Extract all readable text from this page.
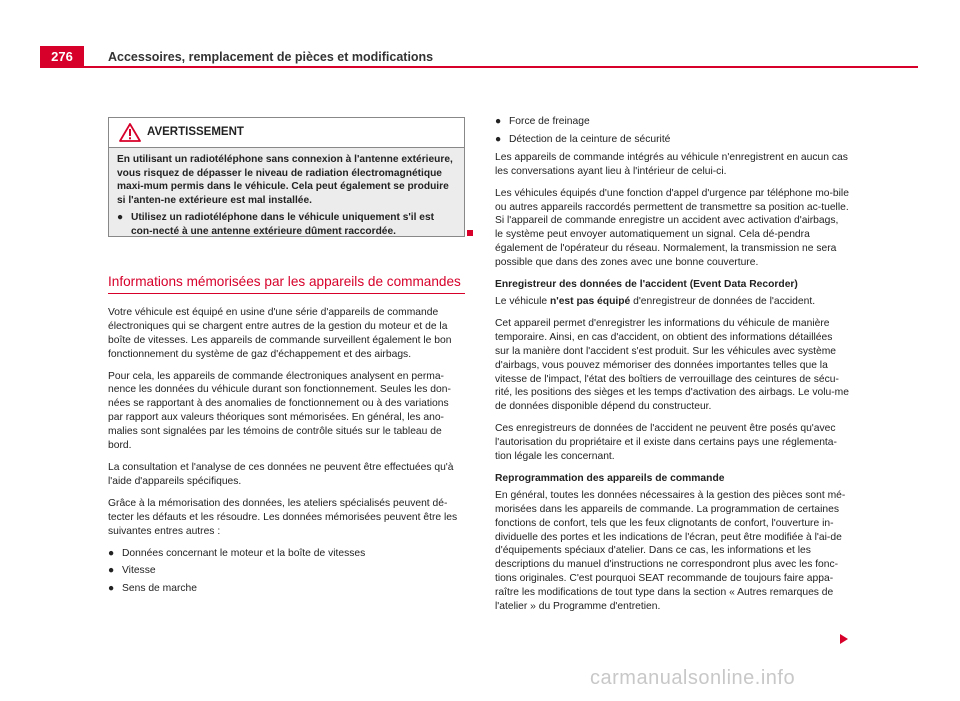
276	Accessoires, remplacement de pièces et modifications
AVERTISSEMENT

En utilisant un radiotéléphone sans connexion à l'antenne extérieure, vous risquez de dépasser le niveau de radiation électromagnétique maxi-mum permis dans le véhicule. Cela peut également se produire si l'anten-ne extérieure est mal installée.

● Utilisez un radiotéléphone dans le véhicule uniquement s'il est con-necté à une antenne extérieure dûment raccordée.
Informations mémorisées par les appareils de commandes

Votre véhicule est équipé en usine d'une série d'appareils de commande électroniques qui se chargent entre autres de la gestion du moteur et de la boîte de vitesses. Les appareils de commande surveillent également le bon fonctionnement du système de gaz d'échappement et des airbags.

Pour cela, les appareils de commande électroniques analysent en perma-nence les données du véhicule durant son fonctionnement. Seules les don-nées se rapportant à des anomalies de fonctionnement ou à des variations par rapport aux valeurs théoriques sont mémorisées. En général, les ano-malies sont signalées par les témoins de contrôle situés sur le tableau de bord.

La consultation et l'analyse de ces données ne peuvent être effectuées qu'à l'aide d'appareils spécifiques.

Grâce à la mémorisation des données, les ateliers spécialisés peuvent dé-tecter les défauts et les résoudre. Les données mémorisées peuvent être les suivantes entres autres :

● Données concernant le moteur et la boîte de vitesses
● Vitesse
● Sens de marche
● Force de freinage
● Détection de la ceinture de sécurité

Les appareils de commande intégrés au véhicule n'enregistrent en aucun cas les conversations ayant lieu à l'intérieur de celui-ci.

Les véhicules équipés d'une fonction d'appel d'urgence par téléphone mo-bile ou autres appareils raccordés permettent de transmettre sa position ac-tuelle. Si l'appareil de commande enregistre un accident avec activation d'airbags, le système peut envoyer automatiquement un signal. Cela dé-pendra également de l'opérateur du réseau. Normalement, la transmission ne sera possible que dans des zones avec une bonne couverture.

Enregistreur des données de l'accident (Event Data Recorder)

Le véhicule n'est pas équipé d'enregistreur de données de l'accident.

Cet appareil permet d'enregistrer les informations du véhicule de manière temporaire. Ainsi, en cas d'accident, on obtient des informations détaillées sur la manière dont l'accident s'est produit. Sur les véhicules avec système d'airbags, vous pouvez mémoriser des données importantes telles que la vitesse de l'impact, l'état des boîtiers de verrouillage des ceintures de sécu-rité, les positions des sièges et les temps d'activation des airbags. Le volu-me de données disponible dépend du constructeur.

Ces enregistreurs de données de l'accident ne peuvent être posés qu'avec l'autorisation du propriétaire et il existe dans certains pays une réglementa-tion légale les concernant.

Reprogrammation des appareils de commande

En général, toutes les données nécessaires à la gestion des pièces sont mé-morisées dans les appareils de commande. La programmation de certaines fonctions de confort, tels que les feux clignotants de confort, l'ouverture in-dividuelle des portes et les indications de l'écran, peut être modifiée à l'ai-de d'équipements spéciaux d'atelier. Dans ce cas, les informations et les descriptions du manuel d'instructions ne correspondront plus avec les fonc-tions originales. C'est pourquoi SEAT recommande de toujours faire appa-raître les modifications de tout type dans la section « Autres remarques de l'atelier » du Programme d'entretien.

carmanualsonline.info
